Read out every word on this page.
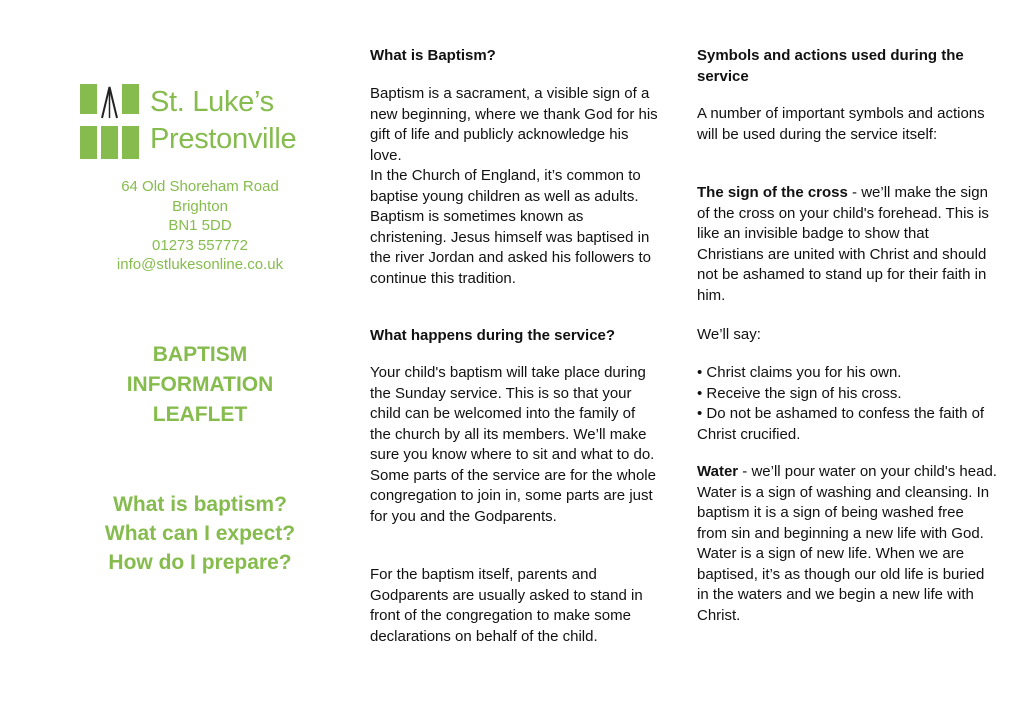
St. Luke’s
Prestonville
64 Old Shoreham Road
Brighton
BN1 5DD
01273 557772
info@stlukesonline.co.uk
BAPTISM
INFORMATION
LEAFLET
What is baptism?
What can I expect?
How do I prepare?
What is Baptism?

Baptism is a sacrament, a visible sign of a new beginning, where we thank God for his gift of life and publicly acknowledge his love.

In the Church of England, it’s common to baptise young children as well as adults. Baptism is sometimes known as christening. Jesus himself was baptised in the river Jordan and asked his followers to continue this tradition.

What happens during the service?

Your child's baptism will take place during the Sunday service. This is so that your child can be welcomed into the family of the church by all its members. We’ll make sure you know where to sit and what to do. Some parts of the service are for the whole congregation to join in, some parts are just for you and the Godparents.

For the baptism itself, parents and Godparents are usually asked to stand in front of the congregation to make some declarations on behalf of the child.

Symbols and actions used during the service

A number of important symbols and actions will be used during the service itself:

The sign of the cross - we’ll make the sign of the cross on your child's forehead. This is like an invisible badge to show that Christians are united with Christ and should not be ashamed to stand up for their faith in him.

We’ll say:

• Christ claims you for his own.
• Receive the sign of his cross.
• Do not be ashamed to confess the faith of Christ crucified.

Water - we’ll pour water on your child's head. Water is a sign of washing and cleansing. In baptism it is a sign of being washed free from sin and beginning a new life with God. Water is a sign of new life. When we are baptised, it’s as though our old life is buried in the waters and we begin a new life with Christ.
